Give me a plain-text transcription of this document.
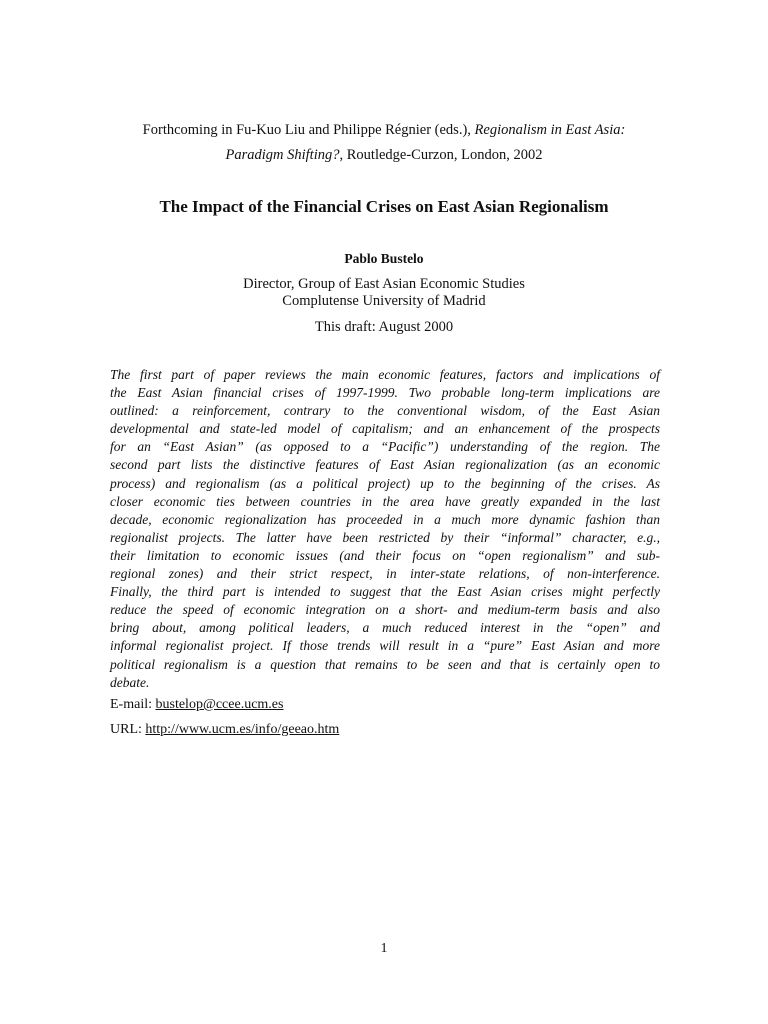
Forthcoming in Fu-Kuo Liu and Philippe Régnier (eds.), Regionalism in East Asia:
Paradigm Shifting?, Routledge-Curzon, London, 2002
The Impact of the Financial Crises on East Asian Regionalism
Pablo Bustelo
Director, Group of East Asian Economic Studies
Complutense University of Madrid
This draft: August 2000
The first part of paper reviews the main economic features, factors and implications of
the East Asian financial crises of 1997-1999. Two probable long-term implications are
outlined: a reinforcement, contrary to the conventional wisdom, of the East Asian
developmental and state-led model of capitalism; and an enhancement of the prospects
for an “East Asian” (as opposed to a “Pacific”) understanding of the region. The
second part lists the distinctive features of East Asian regionalization (as an economic
process) and regionalism (as a political project) up to the beginning of the crises. As
closer economic ties between countries in the area have greatly expanded in the last
decade, economic regionalization has proceeded in a much more dynamic fashion than
regionalist projects. The latter have been restricted by their “informal” character, e.g.,
their limitation to economic issues (and their focus on “open regionalism” and sub-
regional zones) and their strict respect, in inter-state relations, of non-interference.
Finally, the third part is intended to suggest that the East Asian crises might perfectly
reduce the speed of economic integration on a short- and medium-term basis and also
bring about, among political leaders, a much reduced interest in the “open” and
informal regionalist project. If those trends will result in a “pure” East Asian and more
political regionalism is a question that remains to be seen and that is certainly open to
debate.
E-mail: bustelop@ccee.ucm.es
URL: http://www.ucm.es/info/geeao.htm
1
